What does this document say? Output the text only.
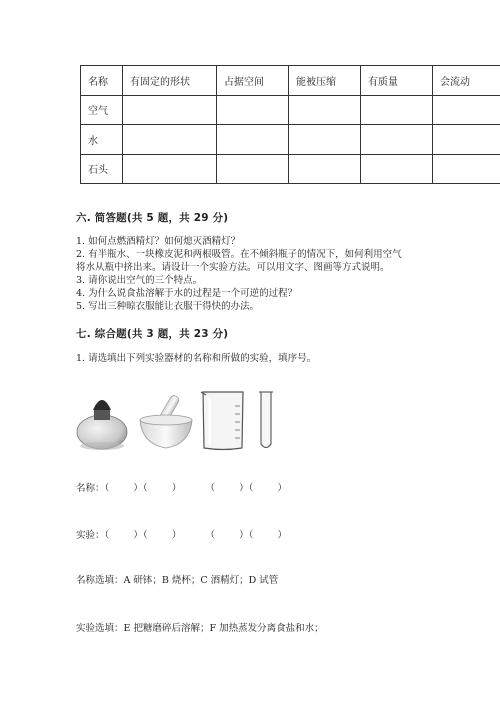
名称	有固定的形状	占据空间	能被压缩	有质量	会流动
空气					
水					
石头					
六. 简答题(共 5 题，共 29 分)
1. 如何点燃酒精灯？如何熄灭酒精灯？
2. 有半瓶水、一块橡皮泥和两根吸管。在不倾斜瓶子的情况下，如何利用空气
将水从瓶中挤出来。请设计一个实验方法。可以用文字、图画等方式说明。
3. 请你说出空气的三个特点。
4. 为什么说食盐溶解于水的过程是一个可逆的过程？
5. 写出三种晾衣服能让衣服干得快的办法。
七. 综合题(共 3 题，共 23 分)
1. 请选填出下列实验器材的名称和所做的实验，填序号。
名称：（        ）（        ）        （        ）（        ）
实验：（        ）（        ）        （        ）（        ）
名称选填：A 研钵；B 烧杯；C 酒精灯；D 试管
实验选填：E 把糖磨碎后溶解；F 加热蒸发分离食盐和水；
